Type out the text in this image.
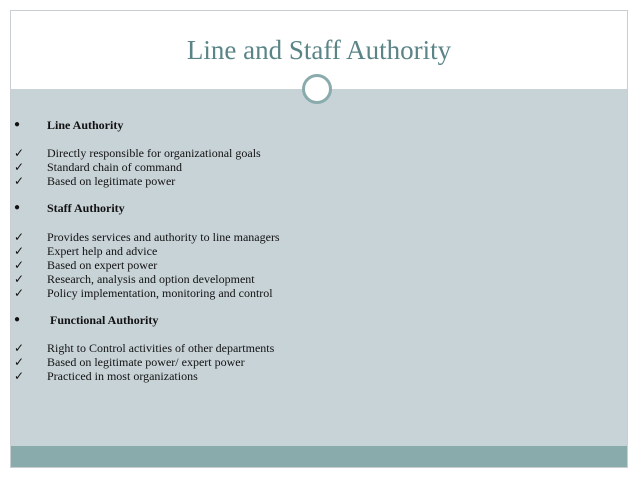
Line and Staff Authority
● Line Authority
✓ Directly responsible for organizational goals
✓ Standard chain of command
✓ Based on legitimate power
● Staff Authority
✓ Provides services and authority to line managers
✓ Expert help and advice
✓ Based on expert power
✓ Research, analysis and option development
✓ Policy implementation, monitoring and control
● Functional Authority
✓ Right to Control activities of other departments
✓ Based on legitimate power/ expert power
✓ Practiced in most organizations
